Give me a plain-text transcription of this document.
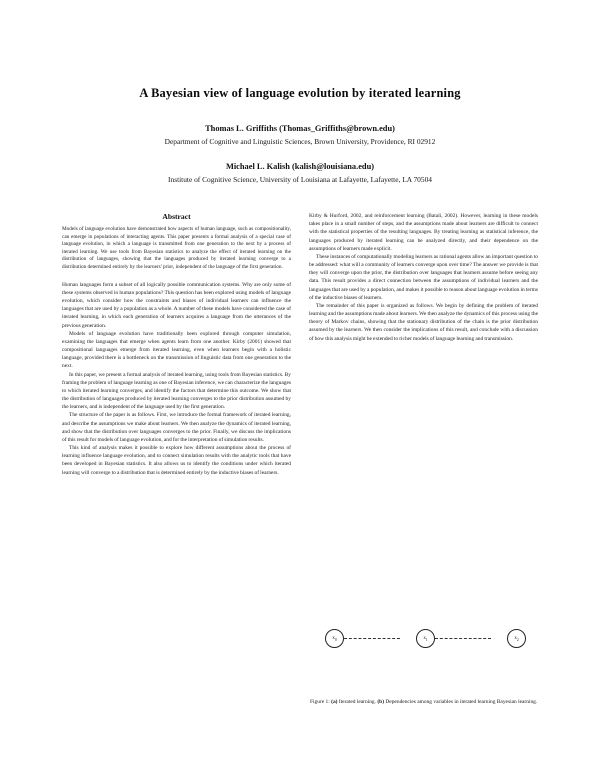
A Bayesian view of language evolution by iterated learning
Thomas L. Griffiths (Thomas_Griffiths@brown.edu)
Department of Cognitive and Linguistic Sciences, Brown University, Providence, RI 02912
Michael L. Kalish (kalish@louisiana.edu)
Institute of Cognitive Science, University of Louisiana at Lafayette, Lafayette, LA 70504
Abstract

Models of language evolution have demonstrated how aspects of human language, such as compositionality, can emerge in populations of interacting agents. This paper presents a formal analysis of a special case of language evolution, in which a language is transmitted from one generation to the next by a process of iterated learning. We use tools from Bayesian statistics to analyze the effect of iterated learning on the distribution of languages, showing that the languages produced by iterated learning converge to a distribution determined entirely by the learners' prior, independent of the language of the first generation.

Human languages form a subset of all logically possible communication systems. Why are only some of these systems observed in human populations? This question has been explored using models of language evolution, which consider how the constraints and biases of individual learners can influence the languages that are used by a population as a whole. A number of these models have considered the case of iterated learning, in which each generation of learners acquires a language from the utterances of the previous generation.

Models of language evolution have traditionally been explored through computer simulation, examining the languages that emerge when agents learn from one another. Kirby (2001) showed that compositional languages emerge from iterated learning, even when learners begin with a holistic language, provided there is a bottleneck on the transmission of linguistic data from one generation to the next.

In this paper, we present a formal analysis of iterated learning, using tools from Bayesian statistics. By framing the problem of language learning as one of Bayesian inference, we can characterize the languages to which iterated learning converges, and identify the factors that determine this outcome. We show that the distribution of languages produced by iterated learning converges to the prior distribution assumed by the learners, and is independent of the language used by the first generation.

The structure of the paper is as follows. First, we introduce the formal framework of iterated learning, and describe the assumptions we make about learners. We then analyze the dynamics of iterated learning, and show that the distribution over languages converges to the prior. Finally, we discuss the implications of this result for models of language evolution, and for the interpretation of simulation results.

This kind of analysis makes it possible to explore how different assumptions about the process of learning influence language evolution, and to connect simulation results with the analytic tools that have been developed in Bayesian statistics. It also allows us to identify the conditions under which iterated learning will converge to a distribution that is determined entirely by the inductive biases of learners.

Kirby & Hurford, 2002, and reinforcement learning (Batali, 2002). However, learning in these models takes place in a small number of steps, and the assumptions made about learners are difficult to connect with the statistical properties of the resulting languages. By treating learning as statistical inference, the languages produced by iterated learning can be analyzed directly, and their dependence on the assumptions of learners made explicit.

These instances of computationally modeling learners as rational agents allow an important question to be addressed: what will a community of learners converge upon over time? The answer we provide is that they will converge upon the prior, the distribution over languages that learners assume before seeing any data. This result provides a direct connection between the assumptions of individual learners and the languages that are used by a population, and makes it possible to reason about language evolution in terms of the inductive biases of learners.

The remainder of this paper is organized as follows. We begin by defining the problem of iterated learning and the assumptions made about learners. We then analyze the dynamics of this process using the theory of Markov chains, showing that the stationary distribution of the chain is the prior distribution assumed by the learners. We then consider the implications of this result, and conclude with a discussion of how this analysis might be extended to richer models of language learning and transmission.

x 0	x 1	x 2
Figure 1: (a) Iterated learning. (b) Dependencies among variables in iterated learning Bayesian learning.
